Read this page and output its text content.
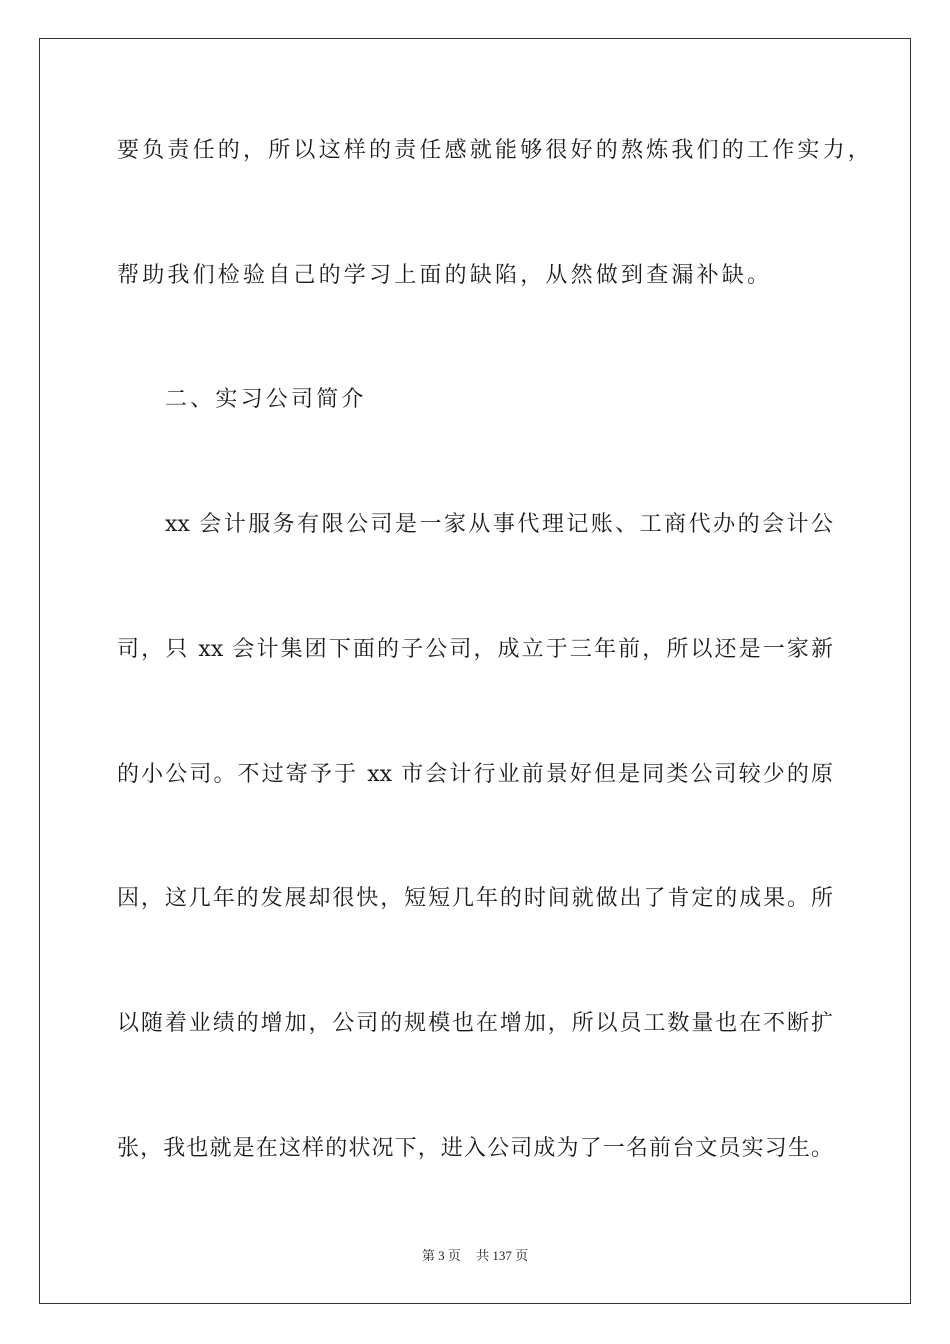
要负责任的，所以这样的责任感就能够很好的熬炼我们的工作实力，
帮助我们检验自己的学习上面的缺陷，从然做到查漏补缺。
二、实习公司简介
xx 会计服务有限公司是一家从事代理记账、工商代办的会计公
司，只 xx 会计集团下面的子公司，成立于三年前，所以还是一家新
的小公司。不过寄予于 xx 市会计行业前景好但是同类公司较少的原
因，这几年的发展却很快，短短几年的时间就做出了肯定的成果。所
以随着业绩的增加，公司的规模也在增加，所以员工数量也在不断扩
张，我也就是在这样的状况下，进入公司成为了一名前台文员实习生。
第 3 页 共 137 页
